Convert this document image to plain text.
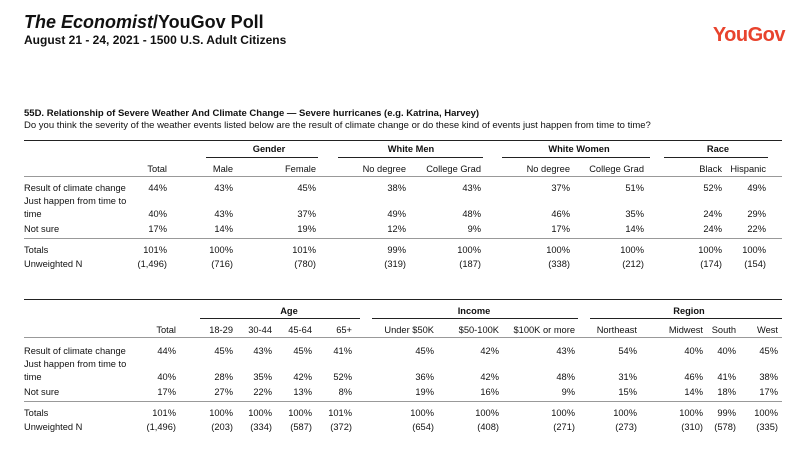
The Economist/YouGov Poll
August 21 - 24, 2021 - 1500 U.S. Adult Citizens	YouGov
55D. Relationship of Severe Weather And Climate Change — Severe hurricanes (e.g. Katrina, Harvey)
Do you think the severity of the weather events listed below are the result of climate change or do these kind of events just happen from time to time?
Gender	White Men	White Women	Race
Total	Male	Female	No degree College Grad	No degree College Grad	Black Hispanic
Result of climate change 44%	43%	45%	38%	43%	37%	51%	52%	49%
Just happen from time to
time	40%	43%	37%	49%	48%	46%	35%	24%	29%
Not sure	17%	14%	19%	12%	9%	17%	14%	24%	22%
Totals	101%	100%	101%	99%	100%	100%	100%	100% 100%
Unweighted N	(1,496)	(716)	(780)	(319)	(187)	(338)	(212)	(174) (154)
Age	Income	Region
Total	18-29 30-44 45-64	65+	Under $50K	$50-100K $100K or more Northeast	Midwest South West
Result of climate change	44%	45% 43% 45% 41%	45%	42%	43%	54%	40% 40%	45%
Just happen from time to
time	40%	28% 35% 42% 52%	36%	42%	48%	31%	46% 41%	38%
Not sure	17%	27% 22% 13%	8%	19%	16%	9%	15%	14% 18%	17%
Totals	101%	100% 100% 100% 101%	100%	100%	100%	100%	100% 99% 100%
Unweighted N	(1,496)	(203) (334) (587) (372)	(654)	(408)	(271)	(273)	(310) (578) (335)
